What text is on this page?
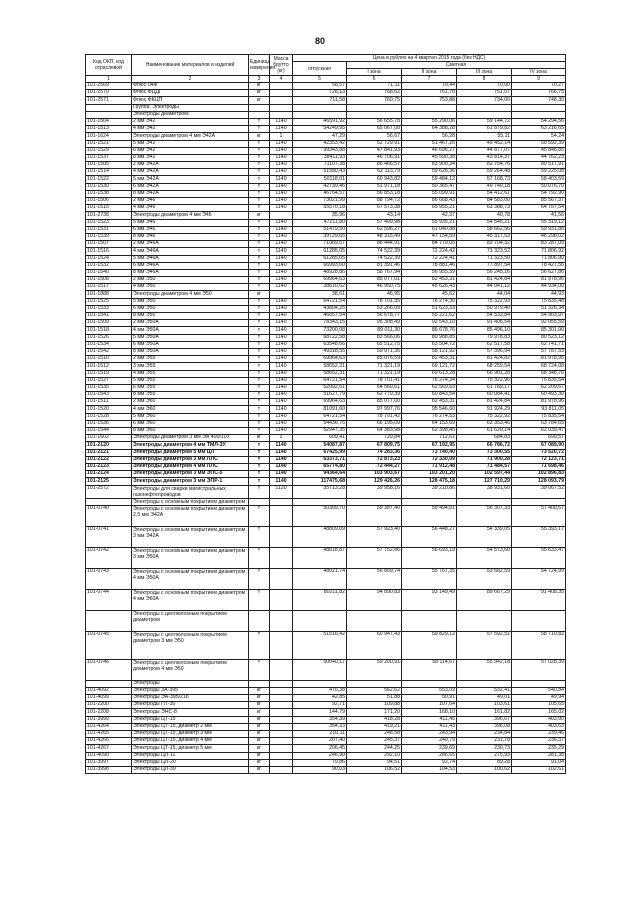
80
Код ОКП, код отраслевой	Наименование материалов и изделий	Единица измерения	Масса брутто (кг)	Цена в рублях на 4 квартал 2015 года (без НДС)				
				отпускная	Сметная			
					I зона	II зона	III зона	IV зона
1	2	3	4	5	6	7	8	9
101-2569	Флюс 04Ф	кг		58,57	71,11	70,44	70,00	70,27
101-2570	Флюс ФЦДГ	кг		728,13	768,62	761,70	751,07	766,75
101-2571	Флюс ФКЦП	кг		711,58	760,75	753,88	734,00	748,30
	Группа: Электроды							
	Электроды диаметром:							
101-1504	2 мм Э42	т	1140	46591,92	56 655,78	55 290,06	59 144,72	54 294,56
101-1513	4 мм Э42	т	1140	54249,95	65 067,08	64 388,28	61 879,82	63 216,65
101-1624	Электроды диаметром 4 мм Э42А	кг	1	47,29	56,67	56,28	55,11	54,24
101-1521	5 мм Э42	т	1140	42353,42	52 729,91	51 467,20	49 452,14	50 592,39
101-1529	6 мм Э42	т	1140	39343,88	47 841,93	46 696,27	44 877,07	45 848,85
101-1537	8 мм Э42	т	1140	38411,93	46 706,91	45 590,38	43 814,37	44 762,23
101-1505	2 мм Э42А	т	1140	71107,38	86 466,57	83 900,34	82 754,76	80 517,91
101-1514	4 мм Э42А	т	1140	51580,43	62 113,79	59 626,36	59 264,48	59 225,08
101-1522	5 мм Э42А	т	1140	50118,01	60 943,82	59 484,12	57 168,73	58 403,59
101-1530	6 мм Э42А	т	1140	42739,46	51 971,18	50 365,47	49 740,18	50 076,70
101-1538	8 мм Э42А	т	1140	46764,57	56 853,18	55 099,91	54 412,61	54 792,90
101-1506	2 мм Э46	т	1140	73021,99	88 794,72	86 668,43	84 583,00	85 567,37
101-1515	4 мм Э46	т	1140	55570,18	67 573,38	65 955,21	63 388,73	64 757,54
101-2738	Электроды диаметром 4 мм Э46	кг		35,96	43,14	42,37	40,78	41,56
101-1523	5 мм Э46	т	1140	47211,80	57 409,98	55 935,21	54 545,21	55 319,12
101-1531	6 мм Э46	т	1140	51479,50	62 596,27	61 040,88	58 662,56	59 931,88
101-1539	8 мм Э46	т	1140	39729,65	48 315,49	47 154,59	45 317,53	46 298,02
101-1507	2 мм Э46А	т	1140	71069,57	86 444,91	84 779,05	82 704,32	83 287,05
101-1516	4 мм Э46А	т	1140	61285,05	74 522,39	72 224,42	71 323,52	71 806,92
101-1524	5 мм Э46А	т	1140	61285,05	74 522,39	72 224,41	71 323,50	71 806,90
101-1532	6 мм Э46А	т	1140	66993,60	81 391,46	78 881,46	77 897,54	78 427,56
101-1540	8 мм Э46А	т	1140	48928,86	58 767,94	56 955,59	56 245,16	56 627,86
101-1508	2 мм Э50	т	1140	69964,63	85 077,01	82 453,31	81 424,84	81 978,96
101-1517	4 мм Э50	т	1140	38610,62	46 950,75	45 626,43	44 041,12	44 934,00
101-1888	Электроды диаметром 4 мм Э50	кг		38,61	46,95	45,62	44,04	44,93
101-1525	5 мм Э50	т	1140	64721,54	78 701,35	76 274,30	75 322,93	75 835,48
101-1533	6 мм Э50	т	1140	43804,25	53 266,09	51 623,33	50 979,40	51 326,34
101-1541	8 мм Э50	т	1140	46657,54	56 678,77	55 221,62	54 532,84	54 903,97
101-1509	2 мм Э50А	т	1140	78343,15	95 308,49	92 543,10	91 406,54	92 055,59
101-1518	4 мм Э50А	т	1140	73200,08	89 011,30	86 678,76	85 496,10	85 301,90
101-1526	5 мм Э50А	т	1140	68722,58	83 566,06	80 988,85	79 978,83	80 523,12
101-1534	6 мм Э50А	т	1140	63548,66	65 512,75	63 504,72	62 517,58	62 741,71
101-1542	8 мм Э50А	т	1140	49318,55	59 971,35	58 121,92	57 396,94	57 787,53
101-1510	2 мм Э55	т	1140	69964,63	85 076,59	82 453,31	81 424,82	81 978,95
101-1512	3 мм Э55	т	1140	58652,31	71 321,19	69 121,72	68 259,54	68 724,08
101-1519	4 мм Э55	т	1140	58652,31	71 321,19	69 613,28	66 901,28	68 348,76
101-1527	5 мм Э55	т	1140	64721,54	78 701,41	76 274,34	75 322,96	75 835,54
101-1535	6 мм Э55	т	1140	52092,61	64 560,61	62 569,63	61 789,17	62 209,67
101-1543	8 мм Э55	т	1140	51627,79	62 779,39	60 843,54	60 084,41	60 493,30
101-1511	2 мм Э60	т	1140	69964,63	85 077,00	82 453,31	81 424,84	81 978,96
101-1520	4 мм Э60	т	1140	81091,60	97 997,76	95 546,60	91 924,29	93 811,05
101-1528	5 мм Э60	т	1140	64721,54	78 701,42	76 274,53	75 322,92	75 835,54
101-1536	6 мм Э60	т	1140	54436,75	66 195,09	64 153,69	63 353,46	63 784,65
101-1544	8 мм Э60	т	1140	52947,35	64 383,98	62 398,45	61 620,14	62 039,47
101-1602	Электроды диаметром 3 мм ЭА 400/10У	кг	1	609,41	729,84	712,61	684,83	699,57
101-2120	Электроды диаметром 4 мм ТМЛ-3У	т	1140	54087,87	67 809,75	67 192,95	66 786,72	67 089,90
101-2121	Электроды диаметром 5 мм ЦЛ	т	1140	67425,99	74 283,36	73 740,40	73 300,55	73 520,72
101-2122	Электроды диаметром 3 мм ЛЛС	т	1140	63373,71	72 873,23	72 330,09	71 900,28	72 123,71
101-2123	Электроды диаметром 4 мм ЛЛС	т	1140	65774,80	72 444,27	71 912,48	71 484,57	71 698,46
101-2124	Электроды диаметром 3 мм ЭПС-5	т	1140	94364,64	103 903,67	103 201,20	102 597,44	102 896,83
101-2125	Электроды диаметром 3 мм ЭПР-1	т	1140	117475,68	129 426,26	128 475,18	127 710,29	128 093,79
101-2572	Электроды для сварки магистральных газонефтепроводов	т	1120	35713,28	39 958,16	39 210,86	38 931,60	39 067,52
	Электроды с основным покрытием диаметром							
101-0740	Электроды с основным покрытием диаметром 2,5 мм Э42А	т		50309,70	59 387,40	59 494,01	56 307,33	57 400,67
101-0741	Электроды с основным покрытием диаметром 3 мм Э42А	т		48809,09	57 923,40	56 448,27	54 339,05	55 393,17
101-0742	Электроды с основным покрытием диаметром 3 мм Э50А	т		48818,87	57 752,86	56 693,19	54 573,60	55 633,47
101-0743	Электроды с основным покрытием диаметром 4 мм Э50А	т		48021,74	56 809,74	55 767,35	53 682,59	54 724,99
101-0744	Электроды с основным покрытием диаметром 4 мм Э60А	т		80211,82	94 890,83	93 149,49	89 667,29	91 408,35
	Электроды с целлюлозным покрытием диаметром							
101-0745	Электроды с целлюлозным покрытием диаметром 3 мм Э50	т		51516,42	60 947,43	59 829,12	57 592,51	58 710,82
101-0746	Электроды с целлюлозным покрытием диаметром 4 мм Э50	т		50040,17	59 200,91	58 114,67	55 942,18	57 028,39
	Электроды							
101-4092	Электроды ЗА-395	кг		476,38	562,62	553,09	532,41	540,84
101-4099	Электроды ЭА-395/216	кг		42,85	51,88	50,91	49,01	49,94
101-2200	Электроды ПТ-30	кг		92,71	109,88	107,64	103,61	105,65
101-2208	Электроды ЭНС-8	кг		144,79	171,20	168,10	161,82	165,02
101-3999	Электроды ЦТ-15	кг		354,39	418,28	411,45	396,07	403,90
101-4264	Электроды ЦТ-15, диаметр 2 мм	кг		354,33	419,21	411,43	396,08	403,63
101-4265	Электроды ЦТ-15, диаметр 3 мм	кг		210,11	248,58	243,94	234,84	239,46
101-4266	Электроды ЦТ-15, диаметр 4 мм	кг		207,40	245,37	240,79	231,78	236,37
101-4267	Электроды ЦТ-15, диаметр 5 мм	кг		206,45	244,25	239,69	230,73	235,29
101-4090	Электроды ЦЛ-11	кг		246,90	292,10	286,65	275,93	281,38
101-3997	Электроды ЦЛ-20	кг		79,86	94,51	92,74	89,28	91,04
101-3998	Электроды ЦЛ-39	кг		90,03	106,52	104,53	100,62	102,61
